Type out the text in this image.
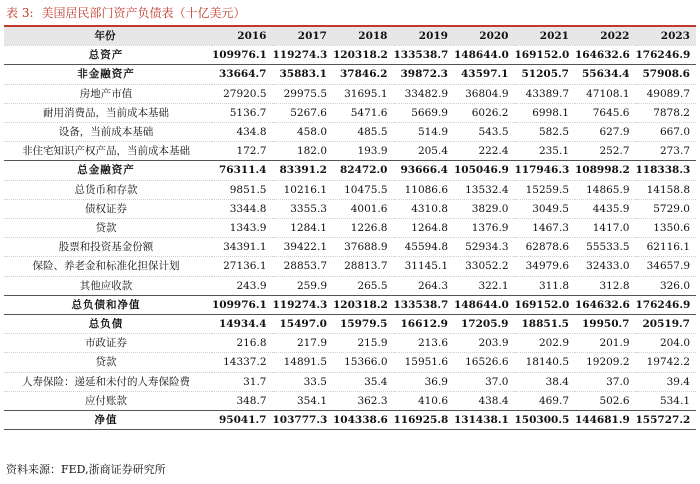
表 3: 美国居民部门资产负债表（十亿美元）
年份	2016	2017	2018	2019	2020	2021	2022	2023
总资产	109976.1	119274.3	120318.2	133538.7	148644.0	169152.0	164632.6	176246.9
非金融资产	33664.7	35883.1	37846.2	39872.3	43597.1	51205.7	55634.4	57908.6
房地产市值	27920.5	29975.5	31695.1	33482.9	36804.9	43389.7	47108.1	49089.7
耐用消费品，当前成本基础	5136.7	5267.6	5471.6	5669.9	6026.2	6998.1	7645.6	7878.2
设备，当前成本基础	434.8	458.0	485.5	514.9	543.5	582.5	627.9	667.0
非住宅知识产权产品，当前成本基础	172.7	182.0	193.9	205.4	222.4	235.1	252.7	273.7
总金融资产	76311.4	83391.2	82472.0	93666.4	105046.9	117946.3	108998.2	118338.3
总货币和存款	9851.5	10216.1	10475.5	11086.6	13532.4	15259.5	14865.9	14158.8
债权证券	3344.8	3355.3	4001.6	4310.8	3829.0	3049.5	4435.9	5729.0
贷款	1343.9	1284.1	1226.8	1264.8	1376.9	1467.3	1417.0	1350.6
股票和投资基金份额	34391.1	39422.1	37688.9	45594.8	52934.3	62878.6	55533.5	62116.1
保险、养老金和标准化担保计划	27136.1	28853.7	28813.7	31145.1	33052.2	34979.6	32433.0	34657.9
其他应收款	243.9	259.9	265.5	264.3	322.1	311.8	312.8	326.0
总负债和净值	109976.1	119274.3	120318.2	133538.7	148644.0	169152.0	164632.6	176246.9
总负债	14934.4	15497.0	15979.5	16612.9	17205.9	18851.5	19950.7	20519.7
市政证券	216.8	217.9	215.9	213.6	203.9	202.9	201.9	204.0
贷款	14337.2	14891.5	15366.0	15951.6	16526.6	18140.5	19209.2	19742.2
人寿保险：递延和未付的人寿保险费	31.7	33.5	35.4	36.9	37.0	38.4	37.0	39.4
应付账款	348.7	354.1	362.3	410.6	438.4	469.7	502.6	534.1
净值	95041.7	103777.3	104338.6	116925.8	131438.1	150300.5	144681.9	155727.2
资料来源：FED,浙商证券研究所
